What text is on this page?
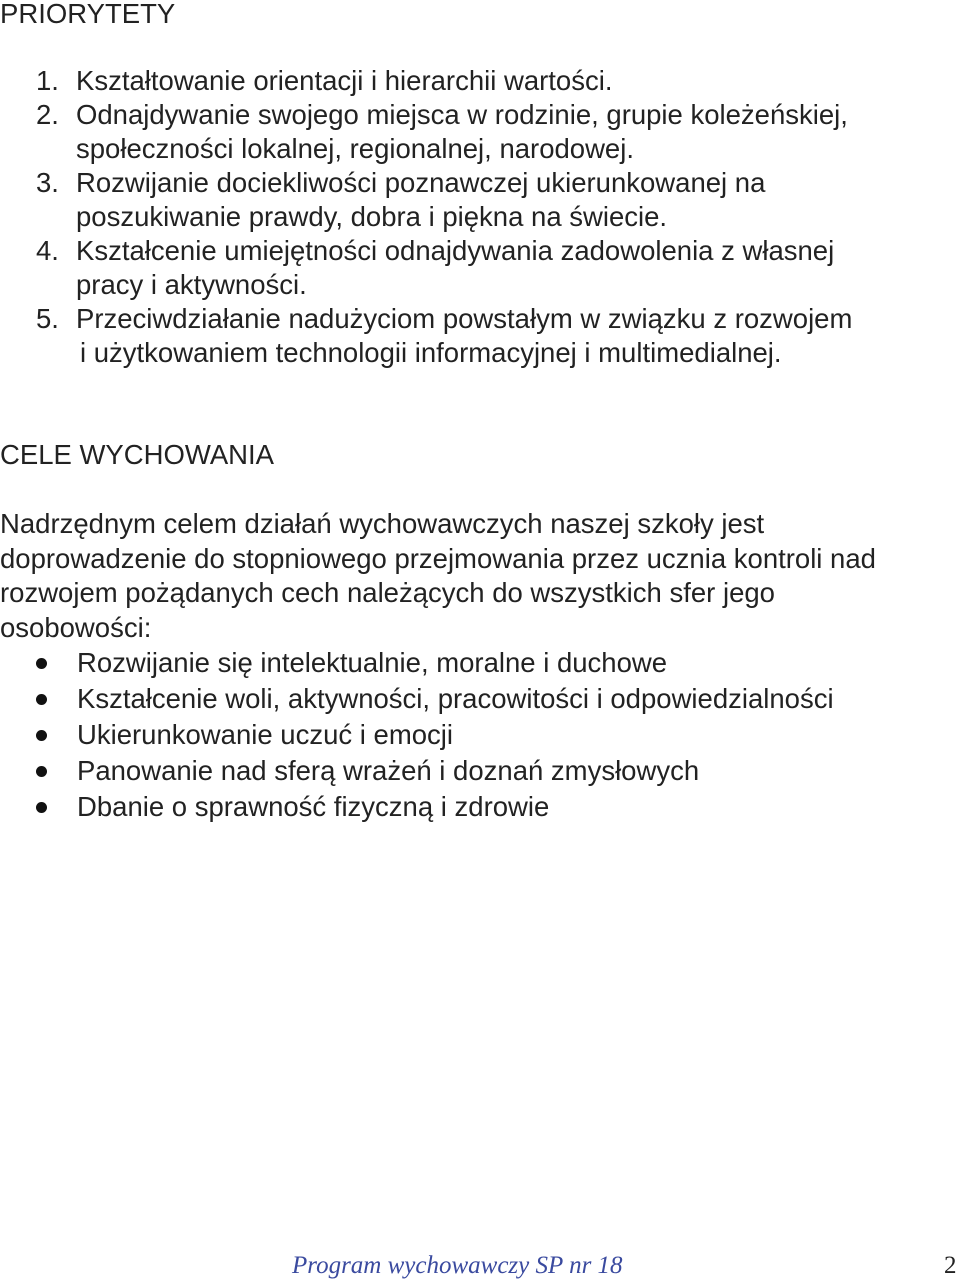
PRIORYTETY
1. Kształtowanie orientacji i hierarchii wartości.
2. Odnajdywanie swojego miejsca w rodzinie, grupie koleżeńskiej,
społeczności lokalnej, regionalnej, narodowej.
3. Rozwijanie dociekliwości poznawczej ukierunkowanej na
poszukiwanie prawdy, dobra i piękna na świecie.
4. Kształcenie umiejętności odnajdywania zadowolenia z własnej
pracy i aktywności.
5. Przeciwdziałanie nadużyciom powstałym w związku z rozwojem
i użytkowaniem technologii informacyjnej i multimedialnej.
CELE WYCHOWANIA

Nadrzędnym celem działań wychowawczych naszej szkoły jest
doprowadzenie do stopniowego przejmowania przez ucznia kontroli nad
rozwojem pożądanych cech należących do wszystkich sfer jego
osobowości:

Rozwijanie się intelektualnie, moralne i duchowe
Kształcenie woli, aktywności, pracowitości i odpowiedzialności
Ukierunkowanie uczuć i emocji
Panowanie nad sferą wrażeń i doznań zmysłowych
Dbanie o sprawność fizyczną i zdrowie
Program wychowawczy SP nr 18	2
